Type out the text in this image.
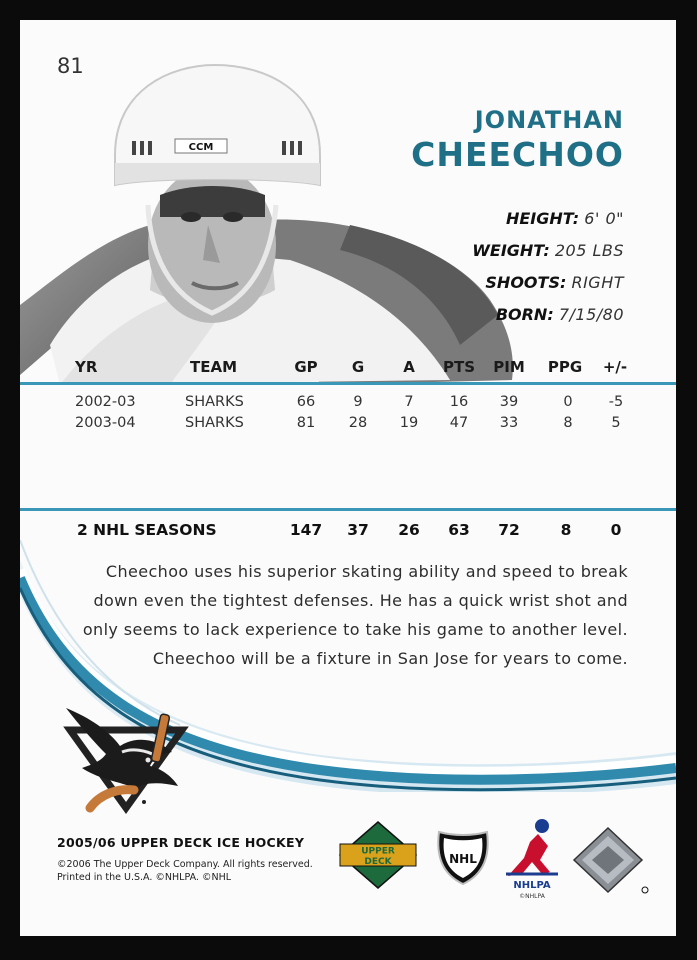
81
CCM
JONATHAN
CHEECHOO
HEIGHT: 6' 0"
WEIGHT: 205 LBS
SHOOTS: RIGHT
BORN: 7/15/80
YR	TEAM	GP G	A PTS PIM PPG +/-
2002-03	SHARKS	66	9	7 16 39	0 -5
2003-04	SHARKS	81 28 19 47 33	8	5
2 NHL SEASONS	147 37 26 63 72	8	0
Cheechoo uses his superior skating ability and speed to break down even the tightest defenses. He has a quick wrist shot and only seems to lack experience to take his game to another level. Cheechoo will be a fixture in San Jose for years to come.
2005/06 UPPER DECK ICE HOCKEY
©2006 The Upper Deck Company. All rights reserved.
Printed in the U.S.A. ©NHLPA. ©NHL
UPPER
DECK	NHL
NHLPA
©NHLPA
